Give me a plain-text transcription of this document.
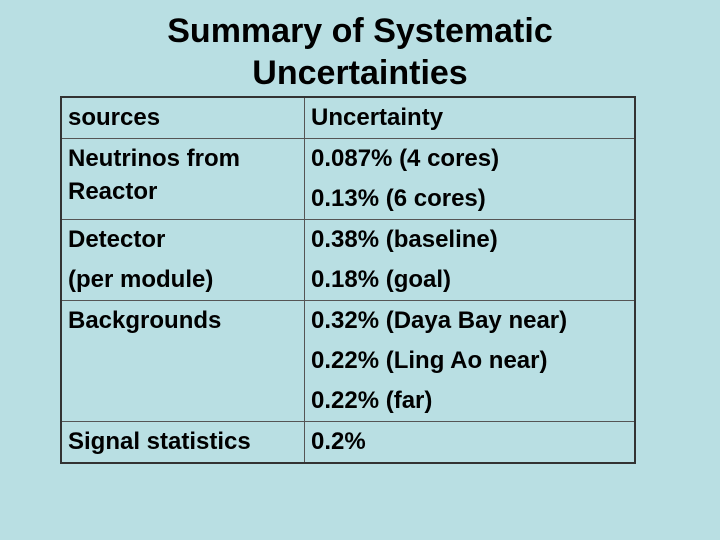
Summary of Systematic
Uncertainties
sources	Uncertainty

Neutrinos from
Reactor	0.087% (4 cores)
0.13% (6 cores)

Detector
(per module)	0.38% (baseline)
0.18% (goal)

Backgrounds	0.32% (Daya Bay near)
0.22% (Ling Ao near)
0.22% (far)

Signal statistics	0.2%
